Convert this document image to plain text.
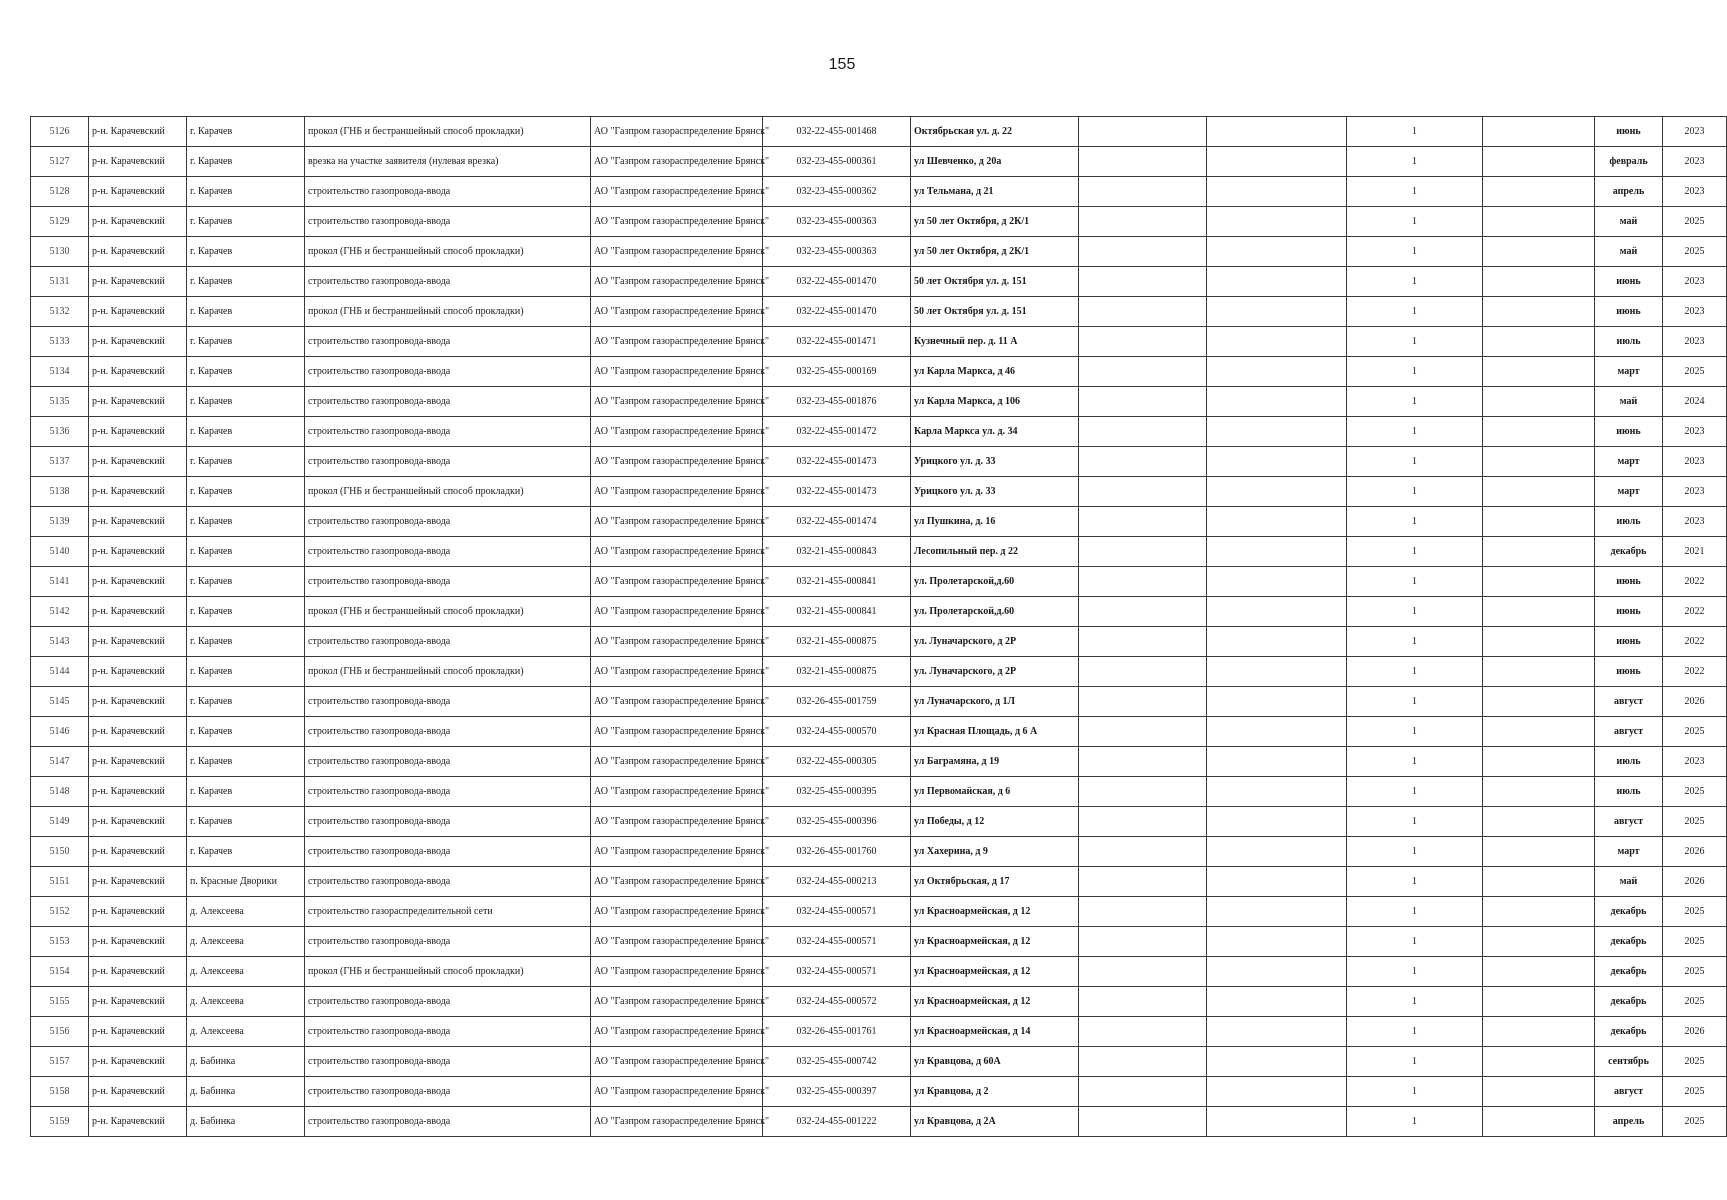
155
5126	р-н. Карачевский	г. Карачев	прокол (ГНБ и бестраншейный способ прокладки)	АО "Газпром газораспределение Брянск"	032-22-455-001468	Октябрьская ул. д. 22			1		июнь	2023
5127	р-н. Карачевский	г. Карачев	врезка на участке заявителя (нулевая врезка)	АО "Газпром газораспределение Брянск"	032-23-455-000361	ул Шевченко, д 20а			1		февраль	2023
5128	р-н. Карачевский	г. Карачев	строительство газопровода-ввода	АО "Газпром газораспределение Брянск"	032-23-455-000362	ул Тельмана, д 21			1		апрель	2023
5129	р-н. Карачевский	г. Карачев	строительство газопровода-ввода	АО "Газпром газораспределение Брянск"	032-23-455-000363	ул 50 лет Октября, д 2К/1			1		май	2025
5130	р-н. Карачевский	г. Карачев	прокол (ГНБ и бестраншейный способ прокладки)	АО "Газпром газораспределение Брянск"	032-23-455-000363	ул 50 лет Октября, д 2К/1			1		май	2025
5131	р-н. Карачевский	г. Карачев	строительство газопровода-ввода	АО "Газпром газораспределение Брянск"	032-22-455-001470	50 лет Октября ул. д. 151			1		июнь	2023
5132	р-н. Карачевский	г. Карачев	прокол (ГНБ и бестраншейный способ прокладки)	АО "Газпром газораспределение Брянск"	032-22-455-001470	50 лет Октября ул. д. 151			1		июнь	2023
5133	р-н. Карачевский	г. Карачев	строительство газопровода-ввода	АО "Газпром газораспределение Брянск"	032-22-455-001471	Кузнечный пер. д. 11 А			1		июль	2023
5134	р-н. Карачевский	г. Карачев	строительство газопровода-ввода	АО "Газпром газораспределение Брянск"	032-25-455-000169	ул Карла Маркса, д 46			1		март	2025
5135	р-н. Карачевский	г. Карачев	строительство газопровода-ввода	АО "Газпром газораспределение Брянск"	032-23-455-001876	ул Карла Маркса, д 106			1		май	2024
5136	р-н. Карачевский	г. Карачев	строительство газопровода-ввода	АО "Газпром газораспределение Брянск"	032-22-455-001472	Карла Маркса ул. д. 34			1		июнь	2023
5137	р-н. Карачевский	г. Карачев	строительство газопровода-ввода	АО "Газпром газораспределение Брянск"	032-22-455-001473	Урицкого ул. д. 33			1		март	2023
5138	р-н. Карачевский	г. Карачев	прокол (ГНБ и бестраншейный способ прокладки)	АО "Газпром газораспределение Брянск"	032-22-455-001473	Урицкого ул. д. 33			1		март	2023
5139	р-н. Карачевский	г. Карачев	строительство газопровода-ввода	АО "Газпром газораспределение Брянск"	032-22-455-001474	ул Пушкина, д. 16			1		июль	2023
5140	р-н. Карачевский	г. Карачев	строительство газопровода-ввода	АО "Газпром газораспределение Брянск"	032-21-455-000843	Лесопильный пер. д 22			1		декабрь	2021
5141	р-н. Карачевский	г. Карачев	строительство газопровода-ввода	АО "Газпром газораспределение Брянск"	032-21-455-000841	ул. Пролетарской,д.60			1		июнь	2022
5142	р-н. Карачевский	г. Карачев	прокол (ГНБ и бестраншейный способ прокладки)	АО "Газпром газораспределение Брянск"	032-21-455-000841	ул. Пролетарской,д.60			1		июнь	2022
5143	р-н. Карачевский	г. Карачев	строительство газопровода-ввода	АО "Газпром газораспределение Брянск"	032-21-455-000875	ул. Луначарского, д 2Р			1		июнь	2022
5144	р-н. Карачевский	г. Карачев	прокол (ГНБ и бестраншейный способ прокладки)	АО "Газпром газораспределение Брянск"	032-21-455-000875	ул. Луначарского, д 2Р			1		июнь	2022
5145	р-н. Карачевский	г. Карачев	строительство газопровода-ввода	АО "Газпром газораспределение Брянск"	032-26-455-001759	ул Луначарского, д 1Л			1		август	2026
5146	р-н. Карачевский	г. Карачев	строительство газопровода-ввода	АО "Газпром газораспределение Брянск"	032-24-455-000570	ул Красная Площадь, д 6 А			1		август	2025
5147	р-н. Карачевский	г. Карачев	строительство газопровода-ввода	АО "Газпром газораспределение Брянск"	032-22-455-000305	ул Баграмяна, д 19			1		июль	2023
5148	р-н. Карачевский	г. Карачев	строительство газопровода-ввода	АО "Газпром газораспределение Брянск"	032-25-455-000395	ул Первомайская, д 6			1		июль	2025
5149	р-н. Карачевский	г. Карачев	строительство газопровода-ввода	АО "Газпром газораспределение Брянск"	032-25-455-000396	ул Победы, д 12			1		август	2025
5150	р-н. Карачевский	г. Карачев	строительство газопровода-ввода	АО "Газпром газораспределение Брянск"	032-26-455-001760	ул Хахерина, д 9			1		март	2026
5151	р-н. Карачевский	п. Красные Дворики	строительство газопровода-ввода	АО "Газпром газораспределение Брянск"	032-24-455-000213	ул Октябрьская, д 17			1		май	2026
5152	р-н. Карачевский	д. Алексеева	строительство газораспределительной сети	АО "Газпром газораспределение Брянск"	032-24-455-000571	ул Красноармейская, д 12			1		декабрь	2025
5153	р-н. Карачевский	д. Алексеева	строительство газопровода-ввода	АО "Газпром газораспределение Брянск"	032-24-455-000571	ул Красноармейская, д 12			1		декабрь	2025
5154	р-н. Карачевский	д. Алексеева	прокол (ГНБ и бестраншейный способ прокладки)	АО "Газпром газораспределение Брянск"	032-24-455-000571	ул Красноармейская, д 12			1		декабрь	2025
5155	р-н. Карачевский	д. Алексеева	строительство газопровода-ввода	АО "Газпром газораспределение Брянск"	032-24-455-000572	ул Красноармейская, д 12			1		декабрь	2025
5156	р-н. Карачевский	д. Алексеева	строительство газопровода-ввода	АО "Газпром газораспределение Брянск"	032-26-455-001761	ул Красноармейская, д 14			1		декабрь	2026
5157	р-н. Карачевский	д. Бабинка	строительство газопровода-ввода	АО "Газпром газораспределение Брянск"	032-25-455-000742	ул Кравцова, д 60А			1		сентябрь	2025
5158	р-н. Карачевский	д. Бабинка	строительство газопровода-ввода	АО "Газпром газораспределение Брянск"	032-25-455-000397	ул Кравцова, д 2			1		август	2025
5159	р-н. Карачевский	д. Бабинка	строительство газопровода-ввода	АО "Газпром газораспределение Брянск"	032-24-455-001222	ул Кравцова, д 2А			1		апрель	2025
